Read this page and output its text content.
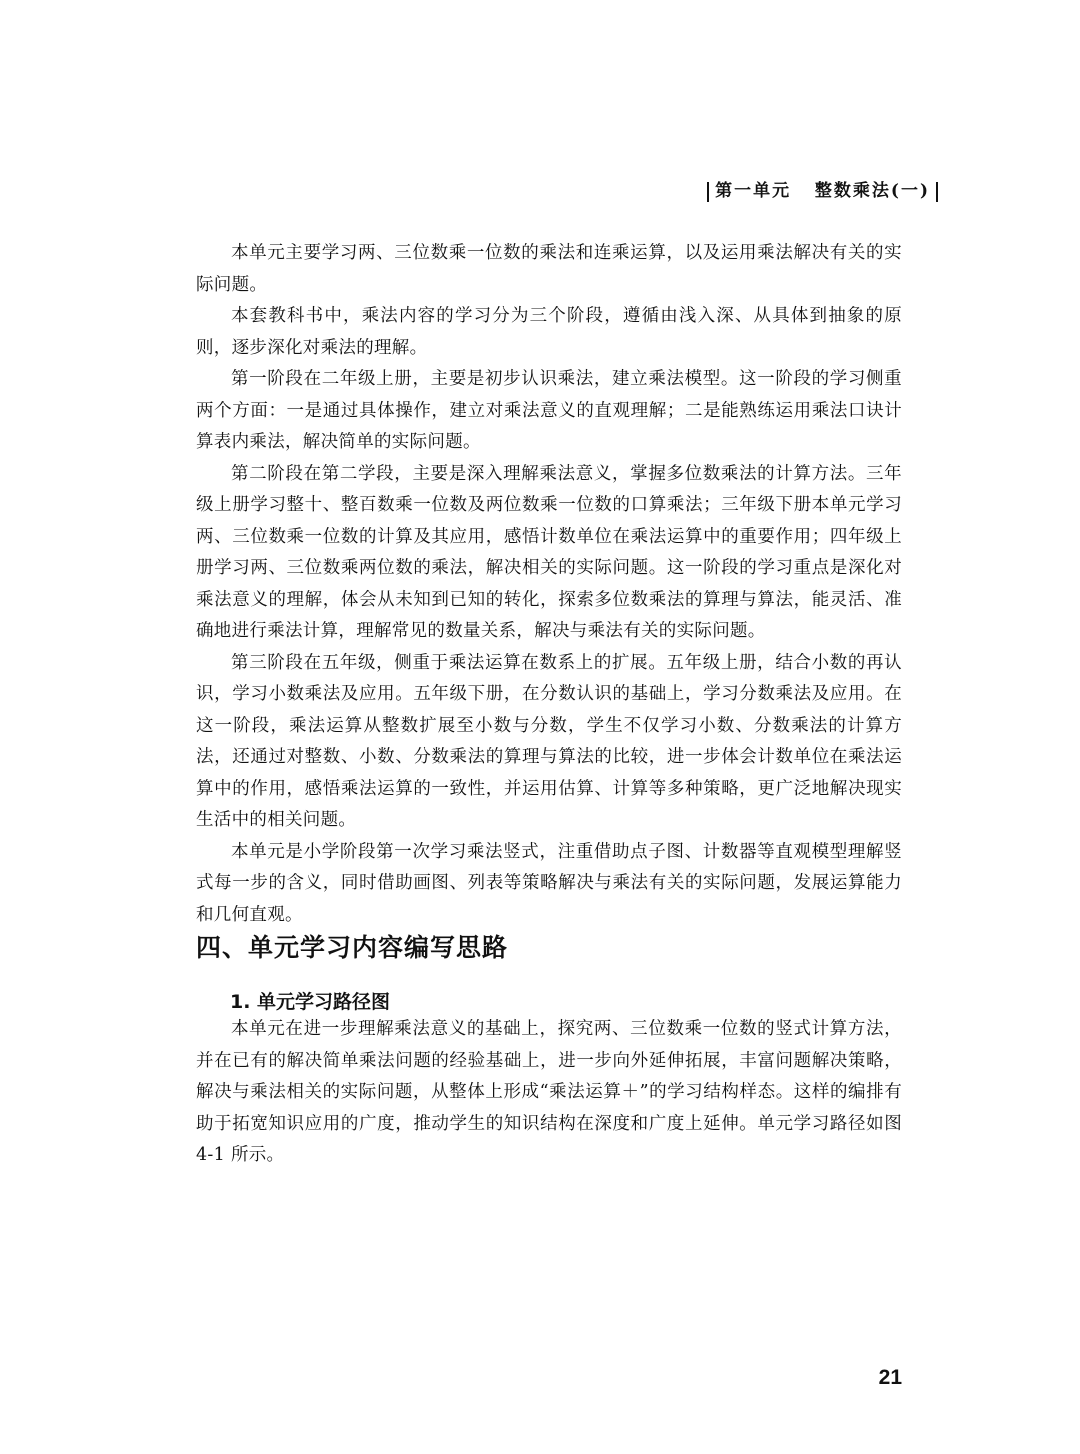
第一单元 整数乘法(一)

本单元主要学习两、三位数乘一位数的乘法和连乘运算，以及运用乘法解决有关的实际问题。

本套教科书中，乘法内容的学习分为三个阶段，遵循由浅入深、从具体到抽象的原则，逐步深化对乘法的理解。

第一阶段在二年级上册，主要是初步认识乘法，建立乘法模型。这一阶段的学习侧重两个方面：一是通过具体操作，建立对乘法意义的直观理解；二是能熟练运用乘法口诀计算表内乘法，解决简单的实际问题。

第二阶段在第二学段，主要是深入理解乘法意义，掌握多位数乘法的计算方法。三年级上册学习整十、整百数乘一位数及两位数乘一位数的口算乘法；三年级下册本单元学习两、三位数乘一位数的计算及其应用，感悟计数单位在乘法运算中的重要作用；四年级上册学习两、三位数乘两位数的乘法，解决相关的实际问题。这一阶段的学习重点是深化对乘法意义的理解，体会从未知到已知的转化，探索多位数乘法的算理与算法，能灵活、准确地进行乘法计算，理解常见的数量关系，解决与乘法有关的实际问题。

第三阶段在五年级，侧重于乘法运算在数系上的扩展。五年级上册，结合小数的再认识，学习小数乘法及应用。五年级下册，在分数认识的基础上，学习分数乘法及应用。在这一阶段，乘法运算从整数扩展至小数与分数，学生不仅学习小数、分数乘法的计算方法，还通过对整数、小数、分数乘法的算理与算法的比较，进一步体会计数单位在乘法运算中的作用，感悟乘法运算的一致性，并运用估算、计算等多种策略，更广泛地解决现实生活中的相关问题。

本单元是小学阶段第一次学习乘法竖式，注重借助点子图、计数器等直观模型理解竖式每一步的含义，同时借助画图、列表等策略解决与乘法有关的实际问题，发展运算能力和几何直观。

四、单元学习内容编写思路
1. 单元学习路径图

本单元在进一步理解乘法意义的基础上，探究两、三位数乘一位数的竖式计算方法，并在已有的解决简单乘法问题的经验基础上，进一步向外延伸拓展，丰富问题解决策略，解决与乘法相关的实际问题，从整体上形成“乘法运算＋”的学习结构样态。这样的编排有助于拓宽知识应用的广度，推动学生的知识结构在深度和广度上延伸。单元学习路径如图 4-1 所示。

21
